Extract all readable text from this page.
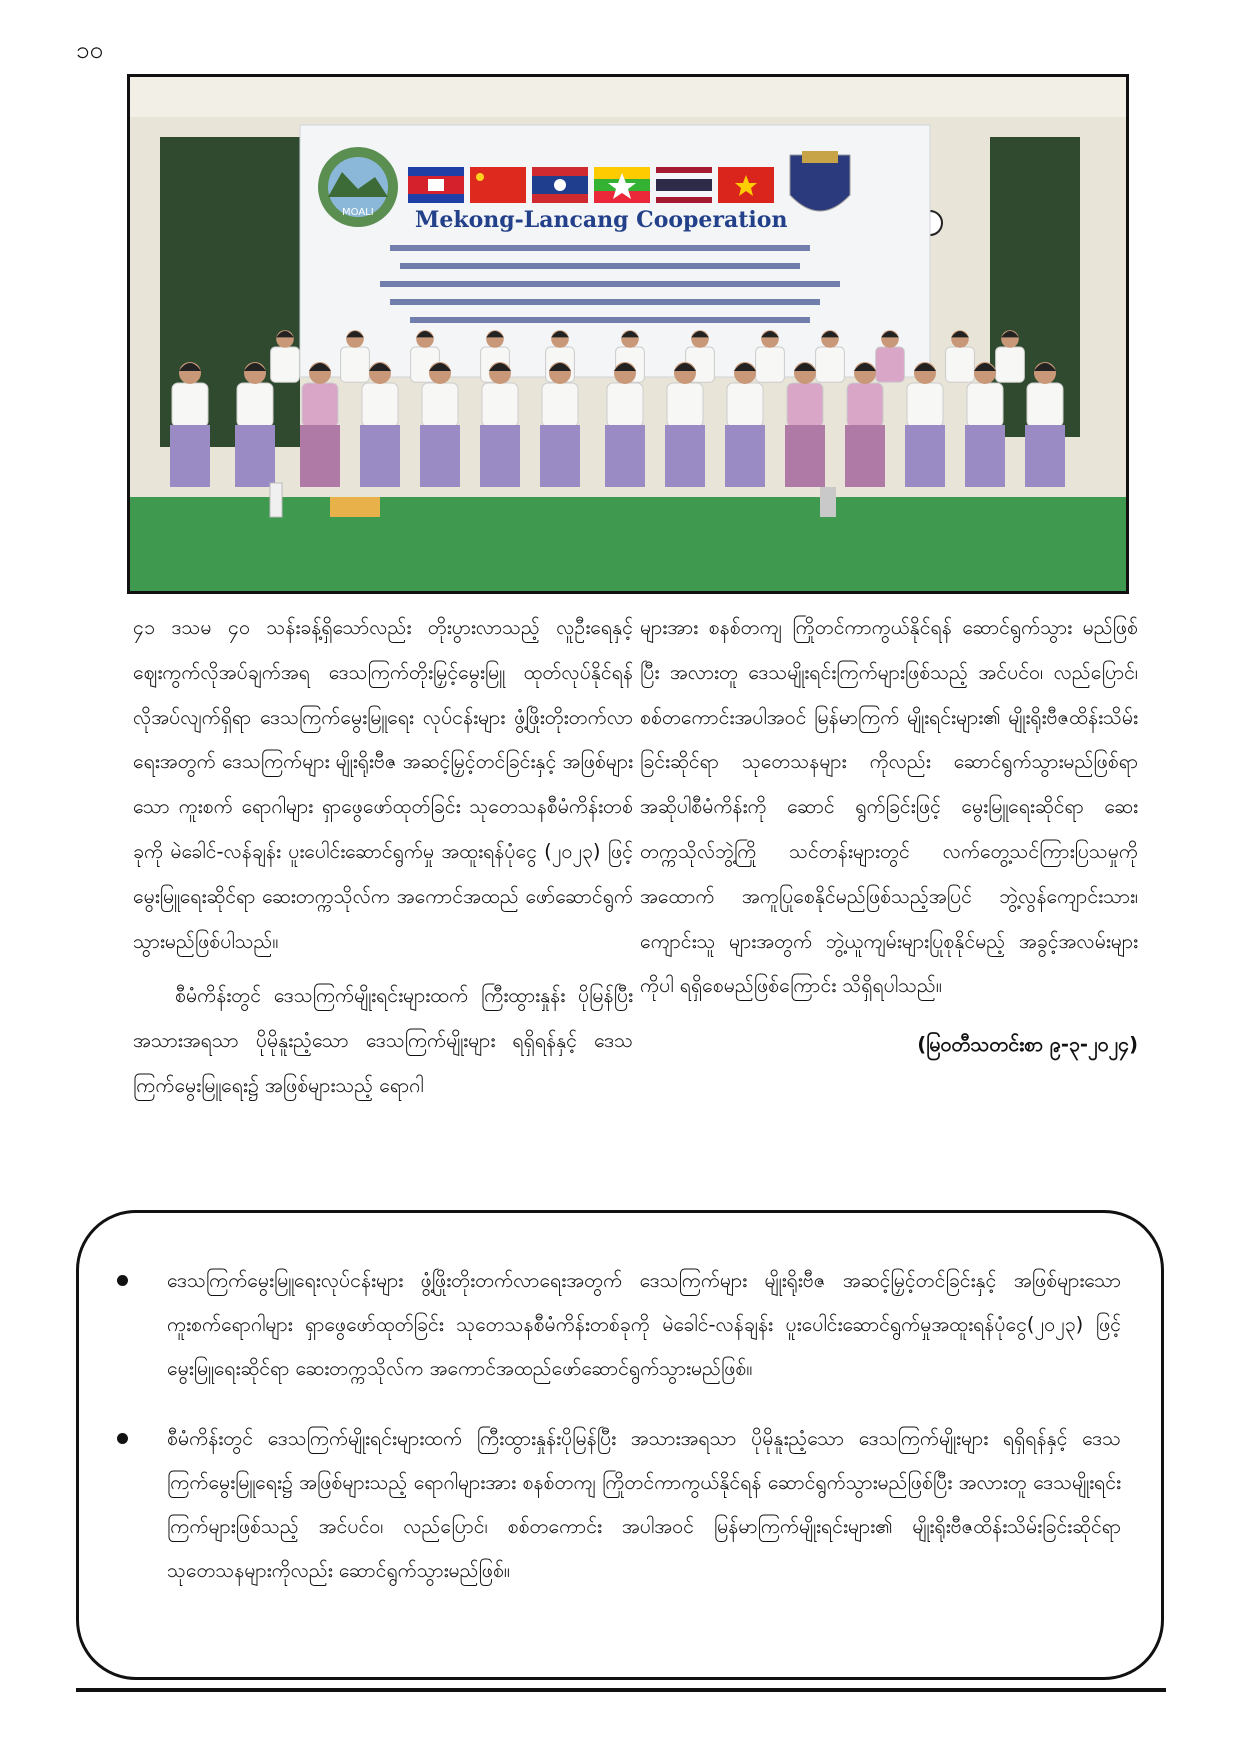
၁၀
MOALI Mekong-Lancang Cooperation

၄၁ ဒသမ ၄၀ သန်းခန့်ရှိသော်လည်း တိုးပွားလာသည့် လူဦးရေနှင့် ဈေးကွက်လိုအပ်ချက်အရ ဒေသကြက်တိုးမြှင့်မွေးမြူ ထုတ်လုပ်နိုင်ရန် လိုအပ်လျက်ရှိရာ ဒေသကြက်မွေးမြူရေး လုပ်ငန်းများ ဖွံ့ဖြိုးတိုးတက်လာရေးအတွက် ဒေသကြက်များ မျိုးရိုးဗီဇ အဆင့်မြှင့်တင်ခြင်းနှင့် အဖြစ်များသော ကူးစက် ရောဂါများ ရှာဖွေဖော်ထုတ်ခြင်း သုတေသနစီမံကိန်းတစ်ခုကို မဲခေါင်-လန်ချန်း ပူးပေါင်းဆောင်ရွက်မှု အထူးရန်ပုံငွေ (၂၀၂၃) ဖြင့် မွေးမြူရေးဆိုင်ရာ ဆေးတက္ကသိုလ်က အကောင်အထည် ဖော်ဆောင်ရွက်သွားမည်ဖြစ်ပါသည်။

စီမံကိန်းတွင် ဒေသကြက်မျိုးရင်းများထက် ကြီးထွားနှုန်း ပိုမြန်ပြီး အသားအရသာ ပိုမိုနူးညံ့သော ဒေသကြက်မျိုးများ ရရှိရန်နှင့် ဒေသကြက်မွေးမြူရေး၌ အဖြစ်များသည့် ရောဂါ

များအား စနစ်တကျ ကြိုတင်ကာကွယ်နိုင်ရန် ဆောင်ရွက်သွား မည်ဖြစ်ပြီး အလားတူ ဒေသမျိုးရင်းကြက်များဖြစ်သည့် အင်ပင်ဝ၊ လည်ပြောင်၊ စစ်တကောင်းအပါအဝင် မြန်မာကြက် မျိုးရင်းများ၏ မျိုးရိုးဗီဇထိန်းသိမ်းခြင်းဆိုင်ရာ သုတေသနများ ကိုလည်း ဆောင်ရွက်သွားမည်ဖြစ်ရာ အဆိုပါစီမံကိန်းကို ဆောင် ရွက်ခြင်းဖြင့် မွေးမြူရေးဆိုင်ရာ ဆေးတက္ကသိုလ်ဘွဲ့ကြို သင်တန်းများတွင် လက်တွေ့သင်ကြားပြသမှုကို အထောက် အကူပြုစေနိုင်မည်ဖြစ်သည့်အပြင် ဘွဲ့လွန်ကျောင်းသား၊ ကျောင်းသူ များအတွက် ဘွဲ့ယူကျမ်းများပြုစုနိုင်မည့် အခွင့်အလမ်းများ ကိုပါ ရရှိစေမည်ဖြစ်ကြောင်း သိရှိရပါသည်။

(မြဝတီသတင်းစာ ၉-၃-၂၀၂၄)

ဒေသကြက်မွေးမြူရေးလုပ်ငန်းများ ဖွံ့ဖြိုးတိုးတက်လာရေးအတွက် ဒေသကြက်များ မျိုးရိုးဗီဇ အဆင့်မြှင့်တင်ခြင်းနှင့် အဖြစ်များသော ကူးစက်ရောဂါများ ရှာဖွေဖော်ထုတ်ခြင်း သုတေသနစီမံကိန်းတစ်ခုကို မဲခေါင်-လန်ချန်း ပူးပေါင်းဆောင်ရွက်မှုအထူးရန်ပုံငွေ(၂၀၂၃) ဖြင့် မွေးမြူရေးဆိုင်ရာ ဆေးတက္ကသိုလ်က အကောင်အထည်ဖော်ဆောင်ရွက်သွားမည်ဖြစ်။
စီမံကိန်းတွင် ဒေသကြက်မျိုးရင်းများထက် ကြီးထွားနှုန်းပိုမြန်ပြီး အသားအရသာ ပိုမိုနူးညံ့သော ဒေသကြက်မျိုးများ ရရှိရန်နှင့် ဒေသကြက်မွေးမြူရေး၌ အဖြစ်များသည့် ရောဂါများအား စနစ်တကျ ကြိုတင်ကာကွယ်နိုင်ရန် ဆောင်ရွက်သွားမည်ဖြစ်ပြီး အလားတူ ဒေသမျိုးရင်းကြက်များဖြစ်သည့် အင်ပင်ဝ၊ လည်ပြောင်၊ စစ်တကောင်း အပါအဝင် မြန်မာကြက်မျိုးရင်းများ၏ မျိုးရိုးဗီဇထိန်းသိမ်းခြင်းဆိုင်ရာ သုတေသနများကိုလည်း ဆောင်ရွက်သွားမည်ဖြစ်။
